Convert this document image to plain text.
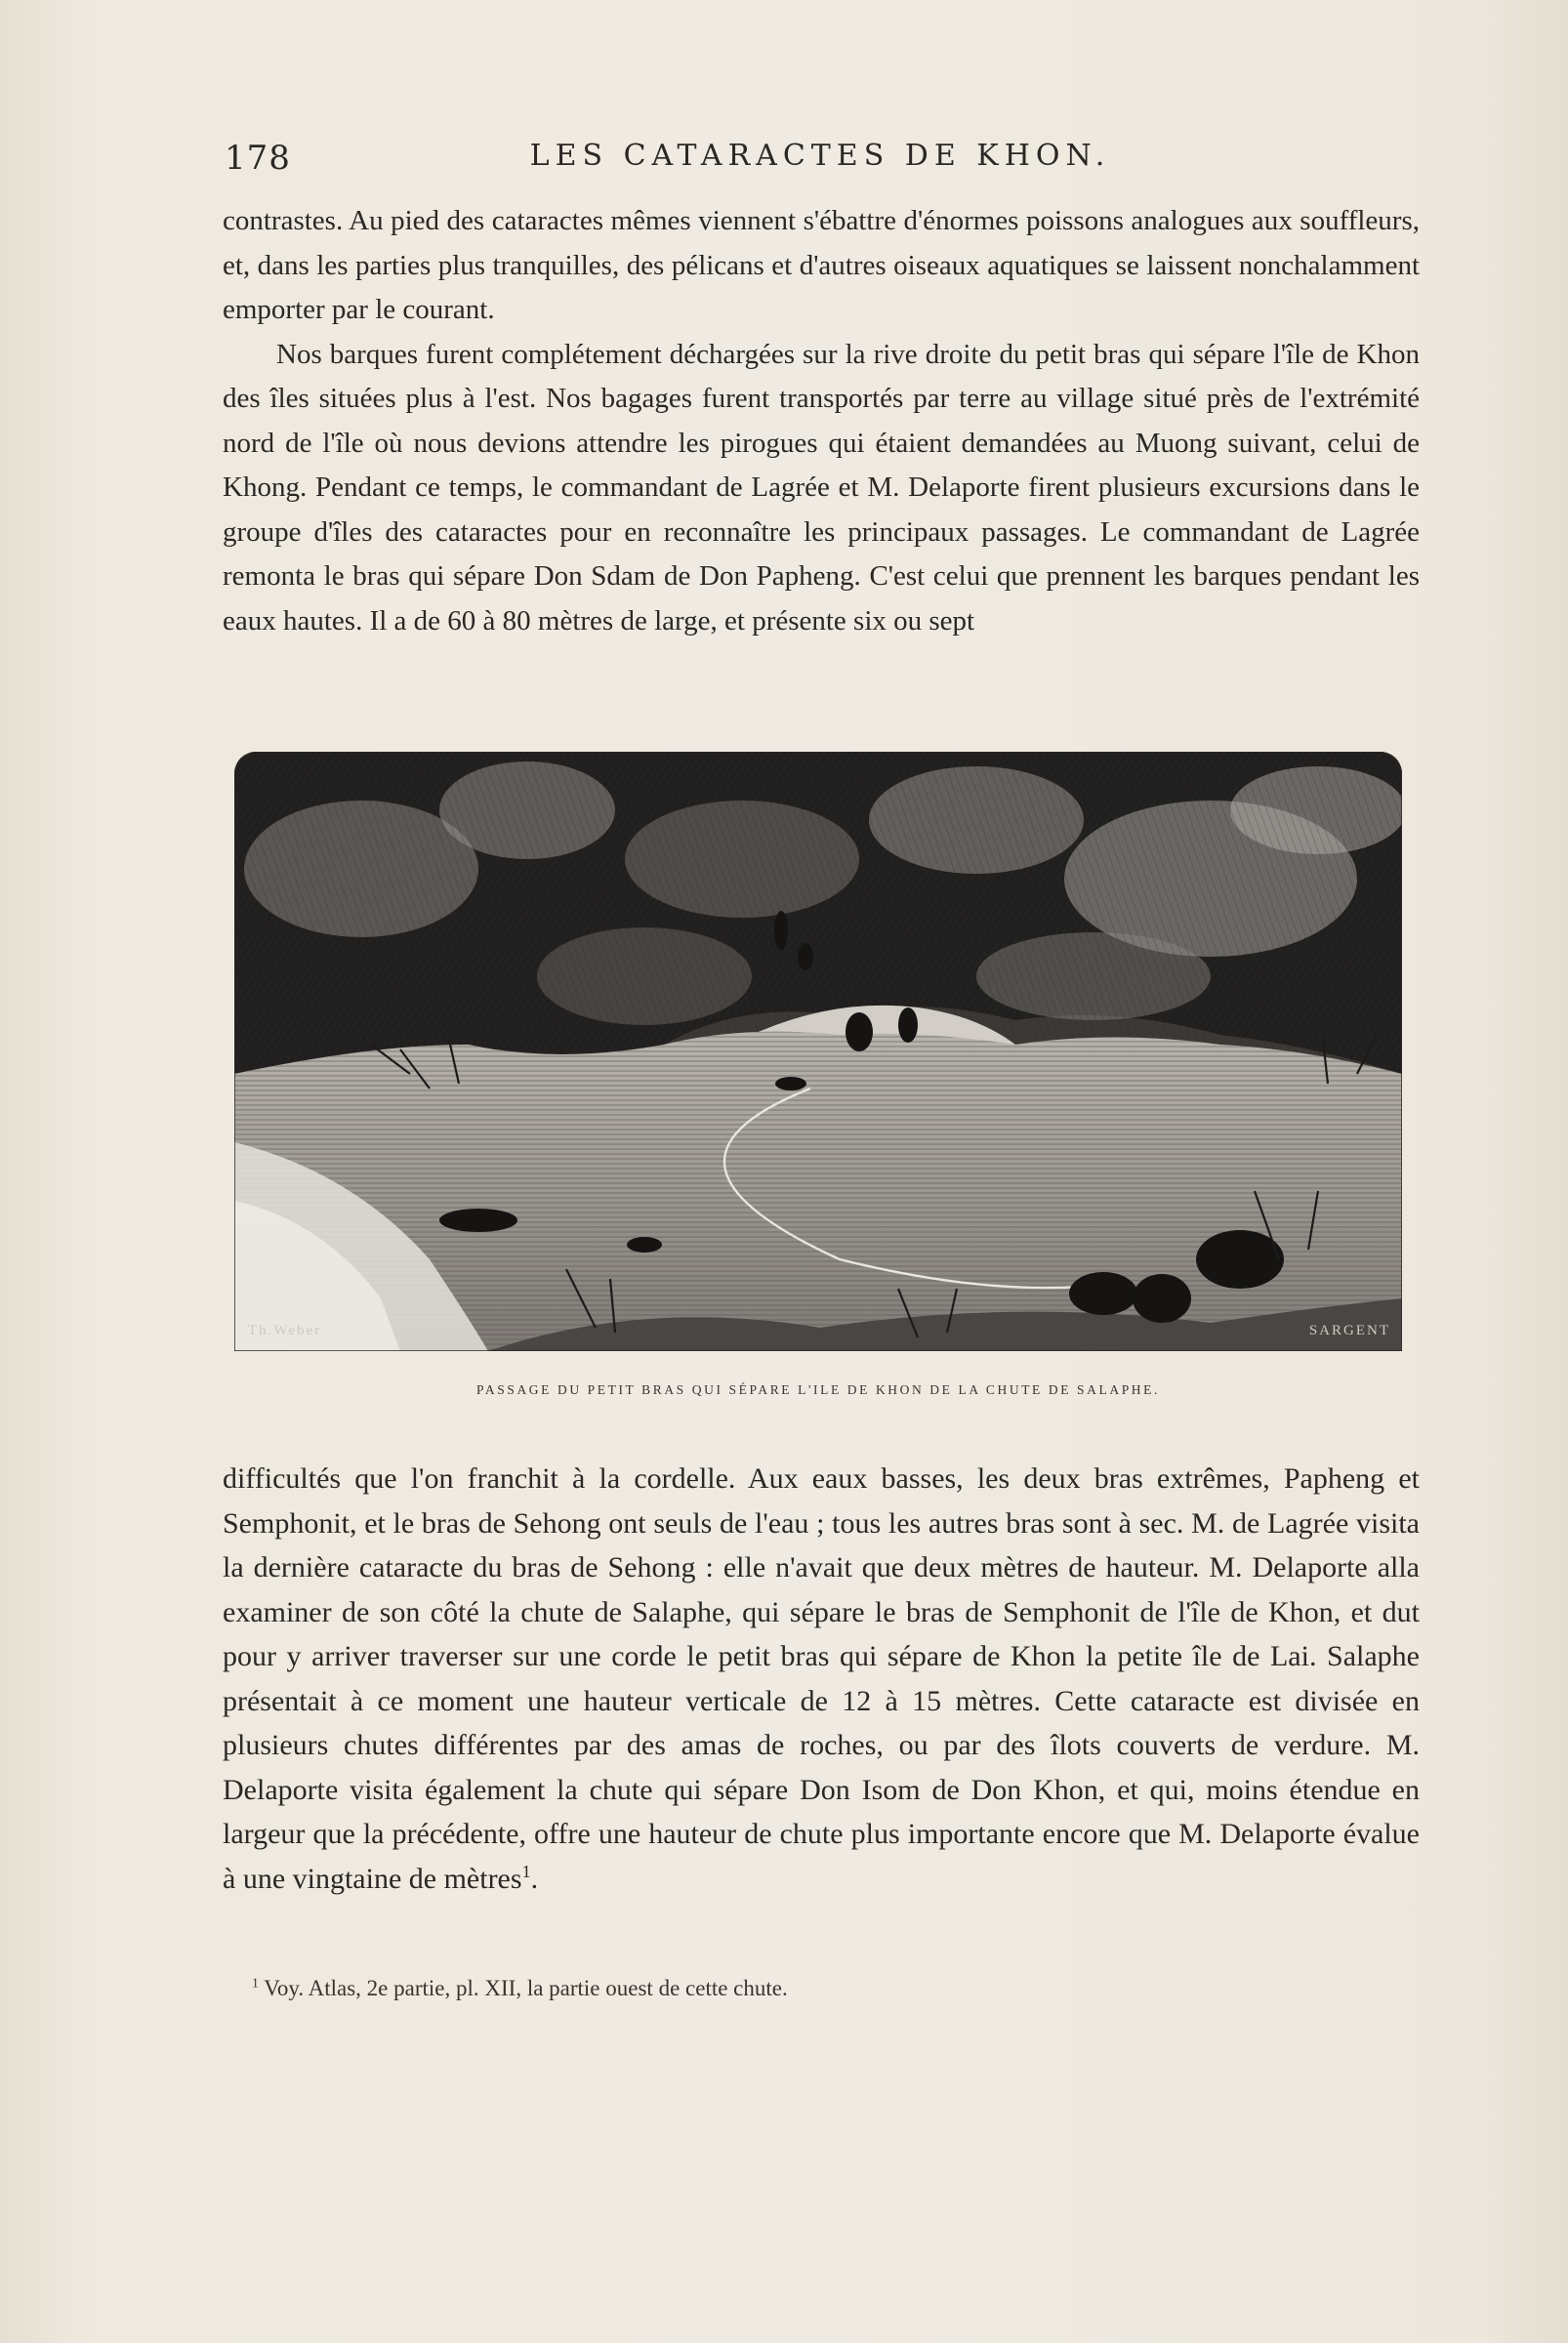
178	LES CATARACTES DE KHON.

contrastes. Au pied des cataractes mêmes viennent s'ébattre d'énormes poissons analogues aux souffleurs, et, dans les parties plus tranquilles, des pélicans et d'autres oiseaux aquatiques se laissent nonchalamment emporter par le courant.

Nos barques furent complétement déchargées sur la rive droite du petit bras qui sépare l'île de Khon des îles situées plus à l'est. Nos bagages furent transportés par terre au village situé près de l'extrémité nord de l'île où nous devions attendre les pirogues qui étaient demandées au Muong suivant, celui de Khong. Pendant ce temps, le commandant de Lagrée et M. Delaporte firent plusieurs excursions dans le groupe d'îles des cataractes pour en reconnaître les principaux passages. Le commandant de Lagrée remonta le bras qui sépare Don Sdam de Don Papheng. C'est celui que prennent les barques pendant les eaux hautes. Il a de 60 à 80 mètres de large, et présente six ou sept

Th.Weber	SARGENT
PASSAGE DU PETIT BRAS QUI SÉPARE L'ILE DE KHON DE LA CHUTE DE SALAPHE.

difficultés que l'on franchit à la cordelle. Aux eaux basses, les deux bras extrêmes, Papheng et Semphonit, et le bras de Sehong ont seuls de l'eau ; tous les autres bras sont à sec. M. de Lagrée visita la dernière cataracte du bras de Sehong : elle n'avait que deux mètres de hauteur. M. Delaporte alla examiner de son côté la chute de Salaphe, qui sépare le bras de Semphonit de l'île de Khon, et dut pour y arriver traverser sur une corde le petit bras qui sépare de Khon la petite île de Lai. Salaphe présentait à ce moment une hauteur verticale de 12 à 15 mètres. Cette cataracte est divisée en plusieurs chutes différentes par des amas de roches, ou par des îlots couverts de verdure. M. Delaporte visita également la chute qui sépare Don Isom de Don Khon, et qui, moins étendue en largeur que la précédente, offre une hauteur de chute plus importante encore que M. Delaporte évalue à une vingtaine de mètres$^1$.

$^1$ Voy. Atlas, 2e partie, pl. XII, la partie ouest de cette chute.
